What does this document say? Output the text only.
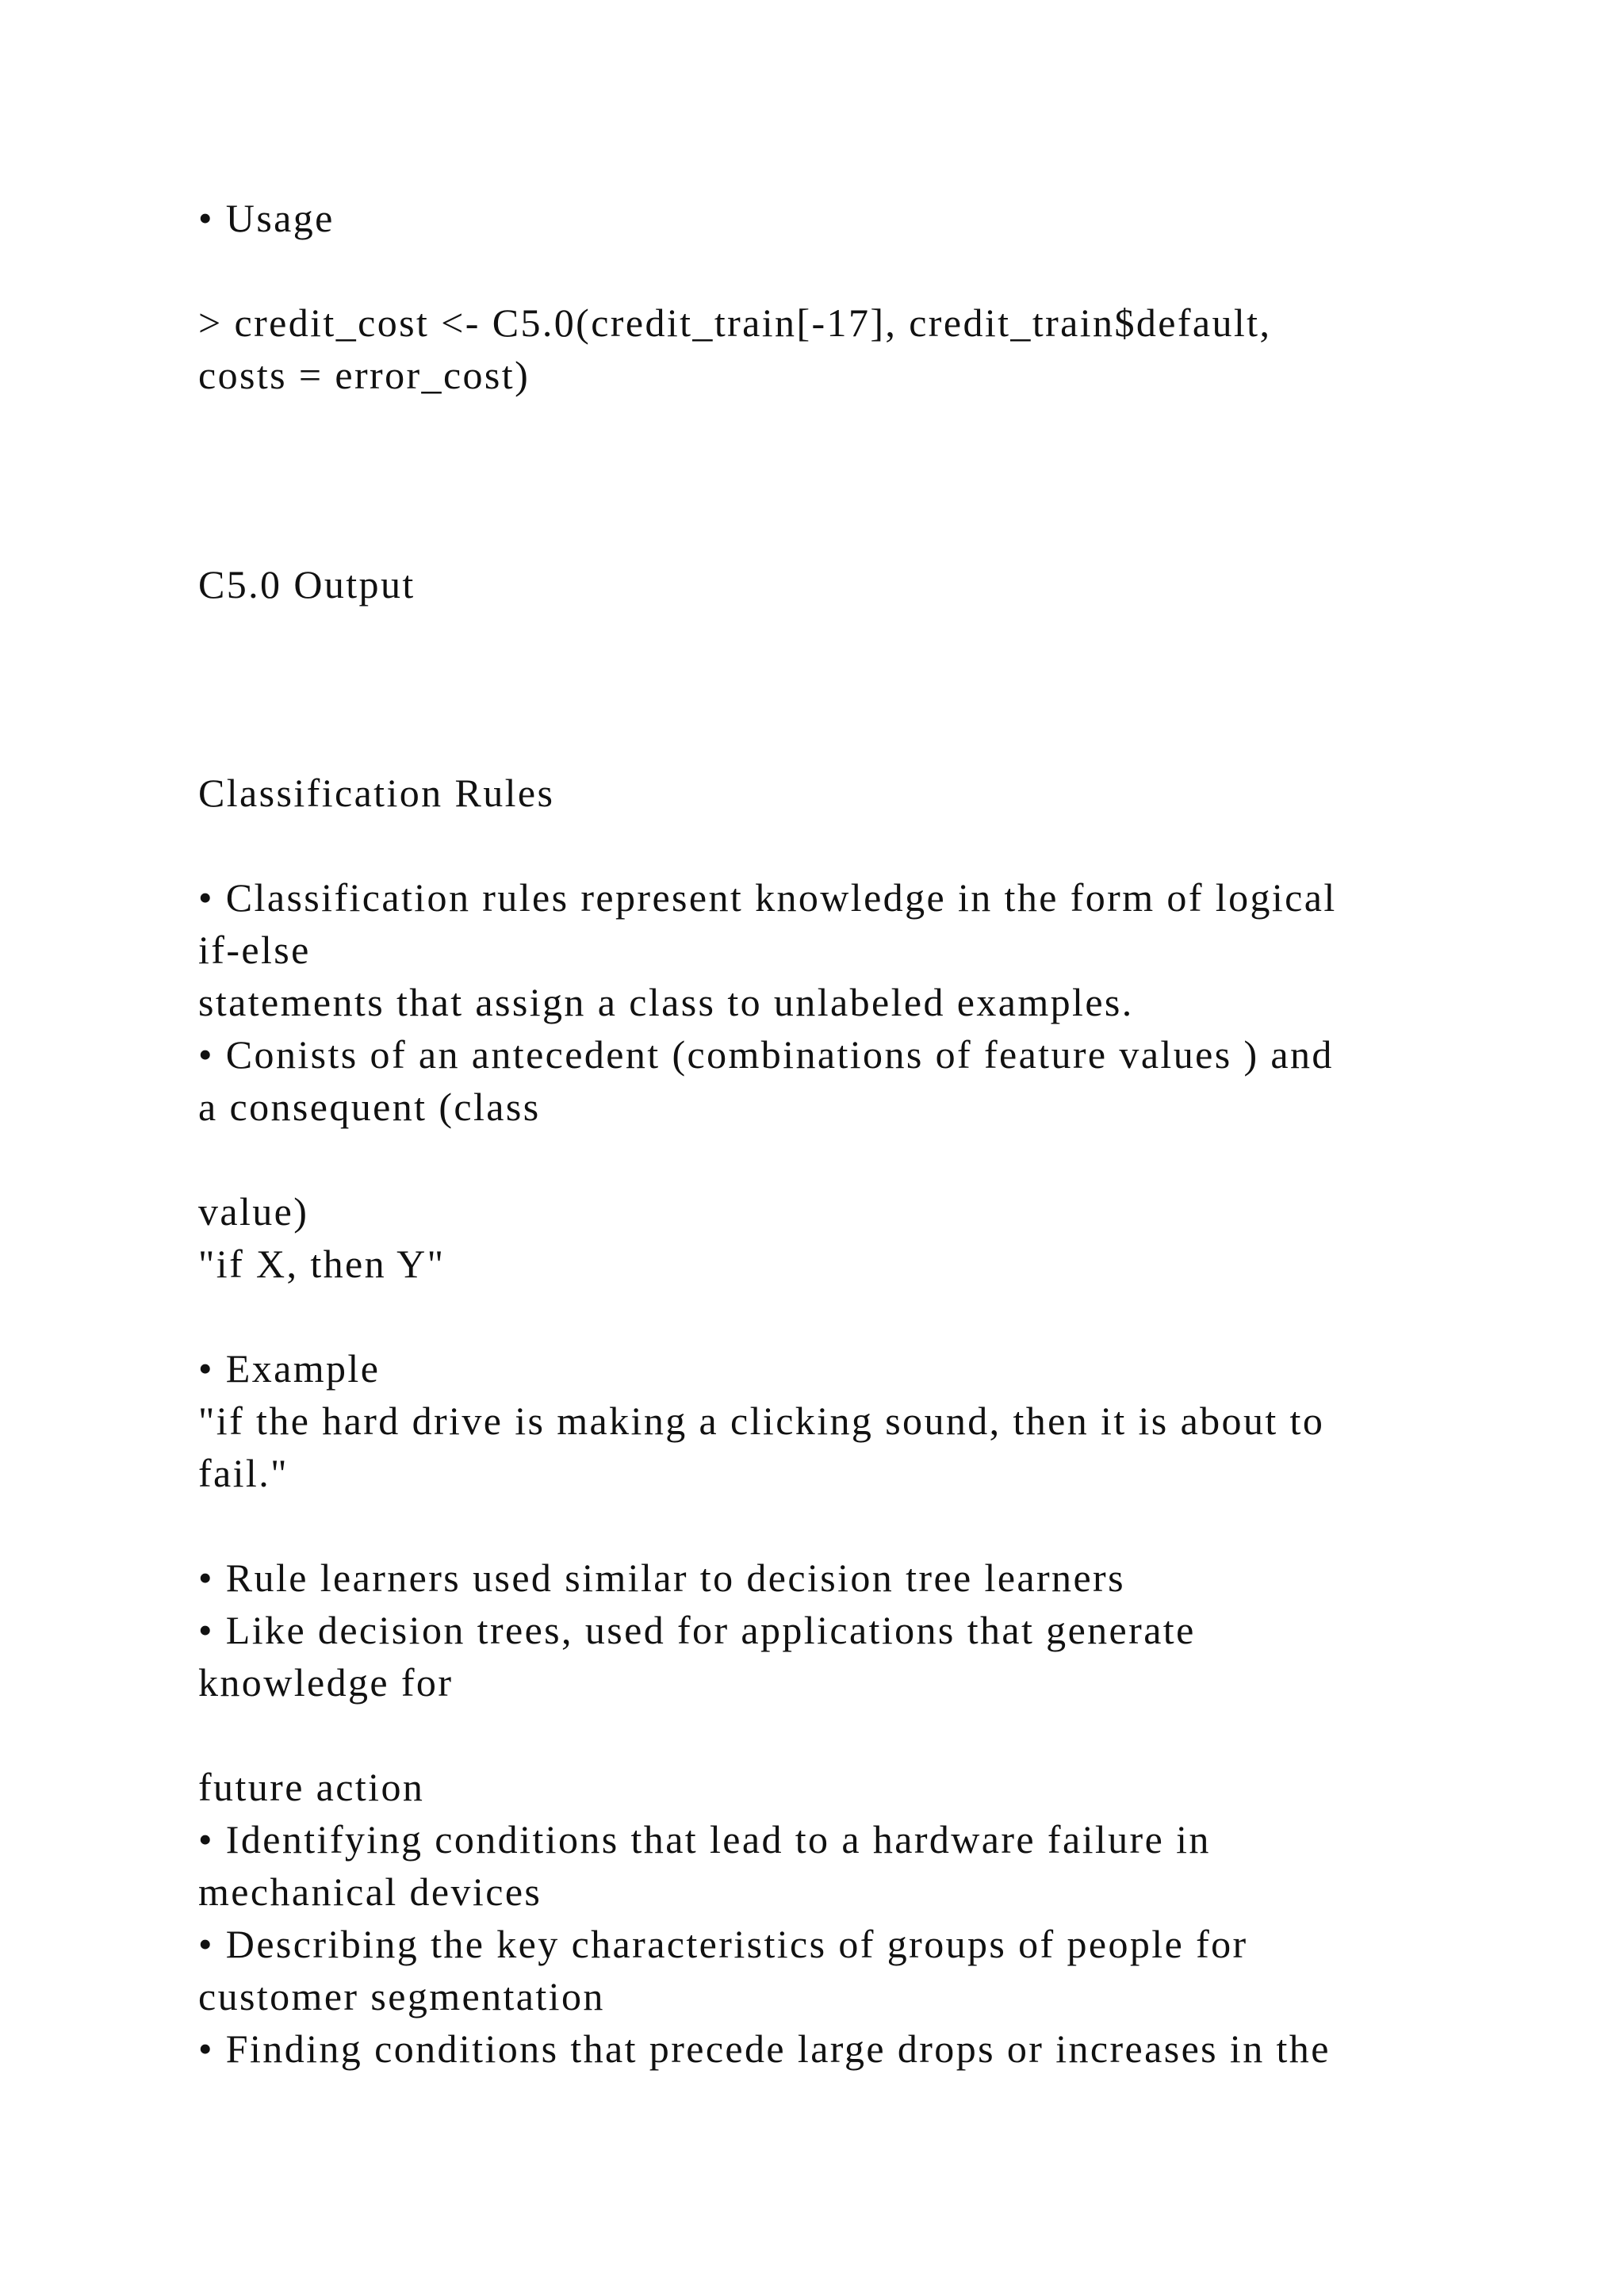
• Usage

> credit_cost <- C5.0(credit_train[-17], credit_train$default,

costs = error_cost)

C5.0 Output

Classification Rules

• Classification rules represent knowledge in the form of logical

if-else

statements that assign a class to unlabeled examples.

• Conists of an antecedent (combinations of feature values ) and

a consequent (class

value)

"if X, then Y"

• Example

"if the hard drive is making a clicking sound, then it is about to

fail."

• Rule learners used similar to decision tree learners

• Like decision trees, used for applications that generate

knowledge for

future action

• Identifying conditions that lead to a hardware failure in

mechanical devices

• Describing the key characteristics of groups of people for

customer segmentation

• Finding conditions that precede large drops or increases in the
